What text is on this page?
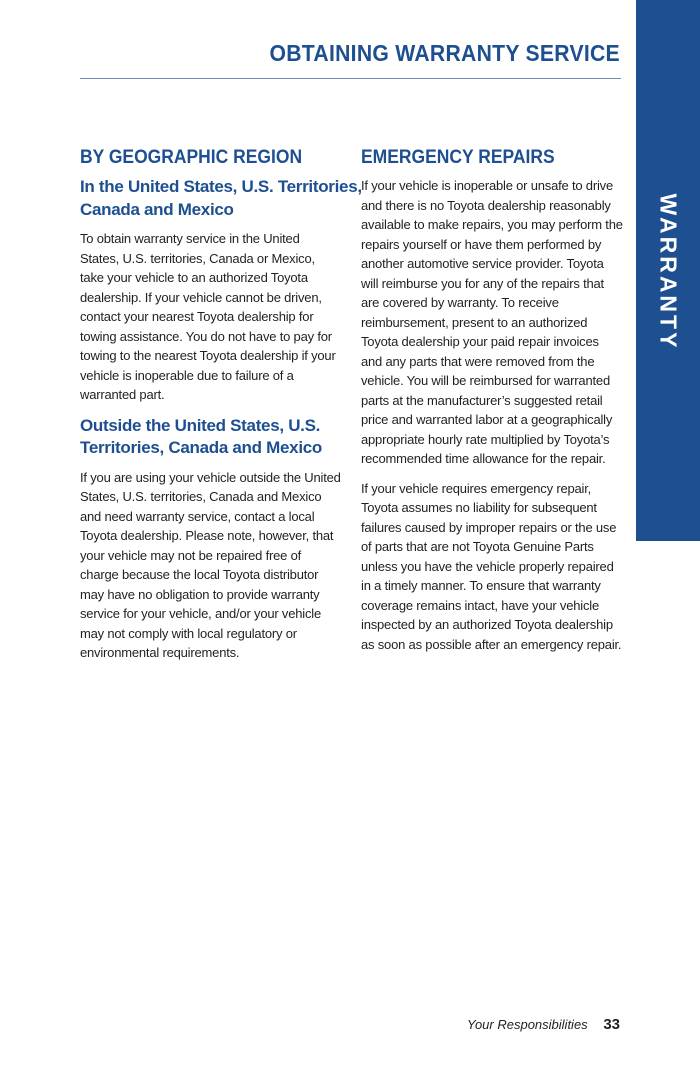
OBTAINING WARRANTY SERVICE
WARRANTY
BY GEOGRAPHIC REGION
In the United States, U.S. Territories, Canada and Mexico

To obtain warranty service in the United States, U.S. territories, Canada or Mexico, take your vehicle to an authorized Toyota dealership. If your vehicle cannot be driven, contact your nearest Toyota dealership for towing assistance. You do not have to pay for towing to the nearest Toyota dealership if your vehicle is inoperable due to failure of a warranted part.

Outside the United States, U.S. Territories, Canada and Mexico

If you are using your vehicle outside the United States, U.S. territories, Canada and Mexico and need warranty service, contact a local Toyota dealership. Please note, however, that your vehicle may not be repaired free of charge because the local Toyota distributor may have no obligation to provide warranty service for your vehicle, and/or your vehicle may not comply with local regulatory or environmental requirements.

EMERGENCY REPAIRS

If your vehicle is inoperable or unsafe to drive and there is no Toyota dealership reasonably available to make repairs, you may perform the repairs yourself or have them performed by another automotive service provider. Toyota will reimburse you for any of the repairs that are covered by warranty. To receive reimbursement, present to an authorized Toyota dealership your paid repair invoices and any parts that were removed from the vehicle. You will be reimbursed for warranted parts at the manufacturer’s suggested retail price and warranted labor at a geographically appropriate hourly rate multiplied by Toyota’s recommended time allowance for the repair.

If your vehicle requires emergency repair, Toyota assumes no liability for subsequent failures caused by improper repairs or the use of parts that are not Toyota Genuine Parts unless you have the vehicle properly repaired in a timely manner. To ensure that warranty coverage remains intact, have your vehicle inspected by an authorized Toyota dealership as soon as possible after an emergency repair.

Your Responsibilities 33
